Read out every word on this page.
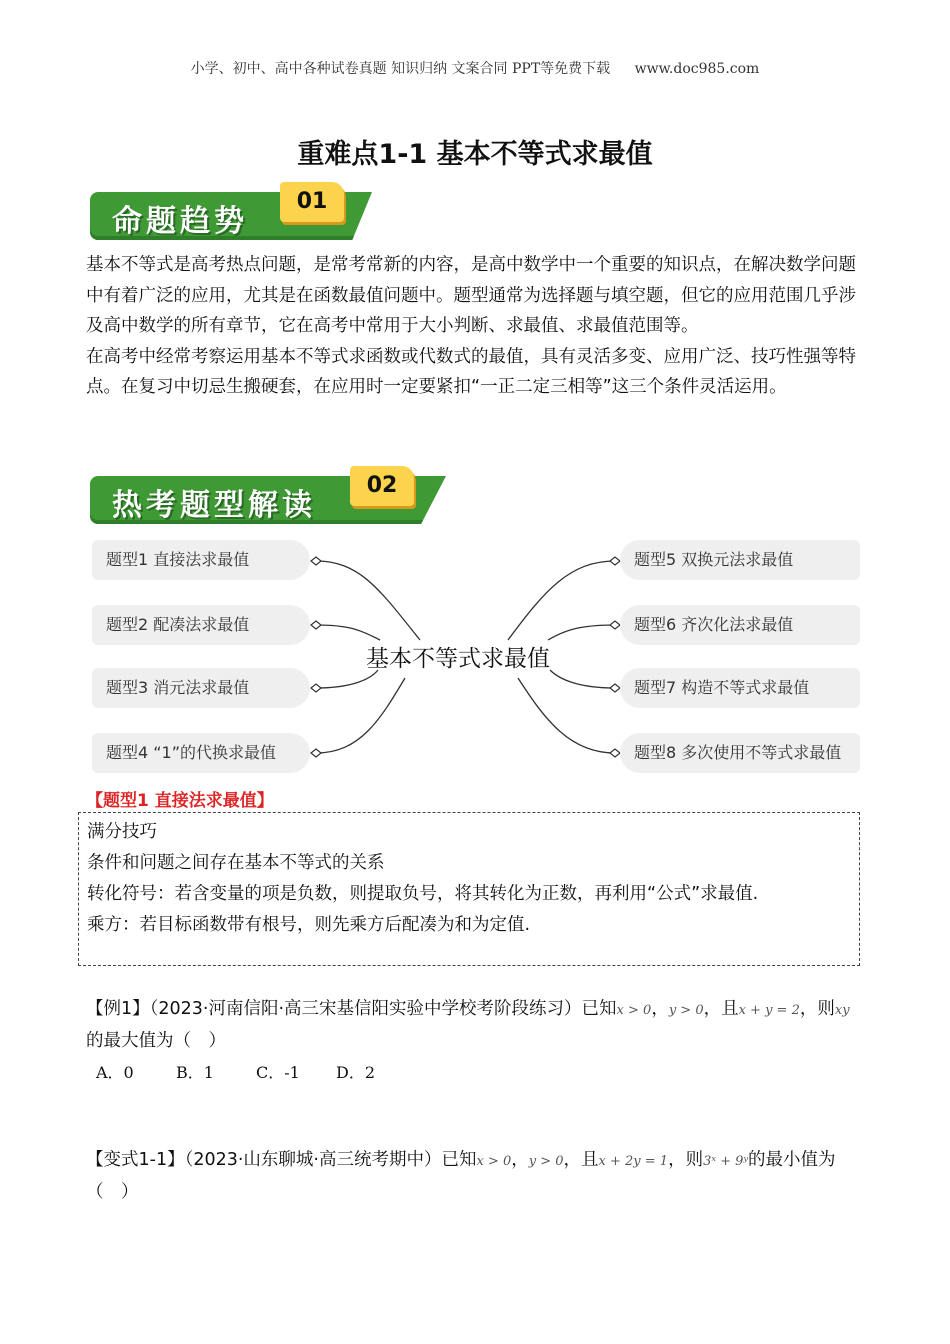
小学、初中、高中各种试卷真题 知识归纳 文案合同 PPT等免费下载 www.doc985.com
重难点1-1 基本不等式求最值
命题趋势
01

基本不等式是高考热点问题，是常考常新的内容，是高中数学中一个重要的知识点，在解决数学问题中有着广泛的应用，尤其是在函数最值问题中。题型通常为选择题与填空题，但它的应用范围几乎涉及高中数学的所有章节，它在高考中常用于大小判断、求最值、求最值范围等。

在高考中经常考察运用基本不等式求函数或代数式的最值，具有灵活多变、应用广泛、技巧性强等特点。在复习中切忌生搬硬套，在应用时一定要紧扣“一正二定三相等”这三个条件灵活运用。

热考题型解读
02
题型1 直接法求最值
题型2 配凑法求最值
题型3 消元法求最值
题型4 “1”的代换求最值
基本不等式求最值
题型5 双换元法求最值
题型6 齐次化法求最值
题型7 构造不等式求最值
题型8 多次使用不等式求最值
【题型1 直接法求最值】

满分技巧

条件和问题之间存在基本不等式的关系

转化符号：若含变量的项是负数，则提取负号，将其转化为正数，再利用“公式”求最值.

乘方：若目标函数带有根号，则先乘方后配凑为和为定值.

【例1】（2023·河南信阳·高三宋基信阳实验中学校考阶段练习）已知x > 0，y > 0，且x + y = 2，则xy的最大值为（　）

A．0	B．1	C．-1 D．2

【变式1-1】（2023·山东聊城·高三统考期中）已知x > 0，y > 0，且x + 2y = 1，则3ˣ + 9ʸ的最小值为（　）
